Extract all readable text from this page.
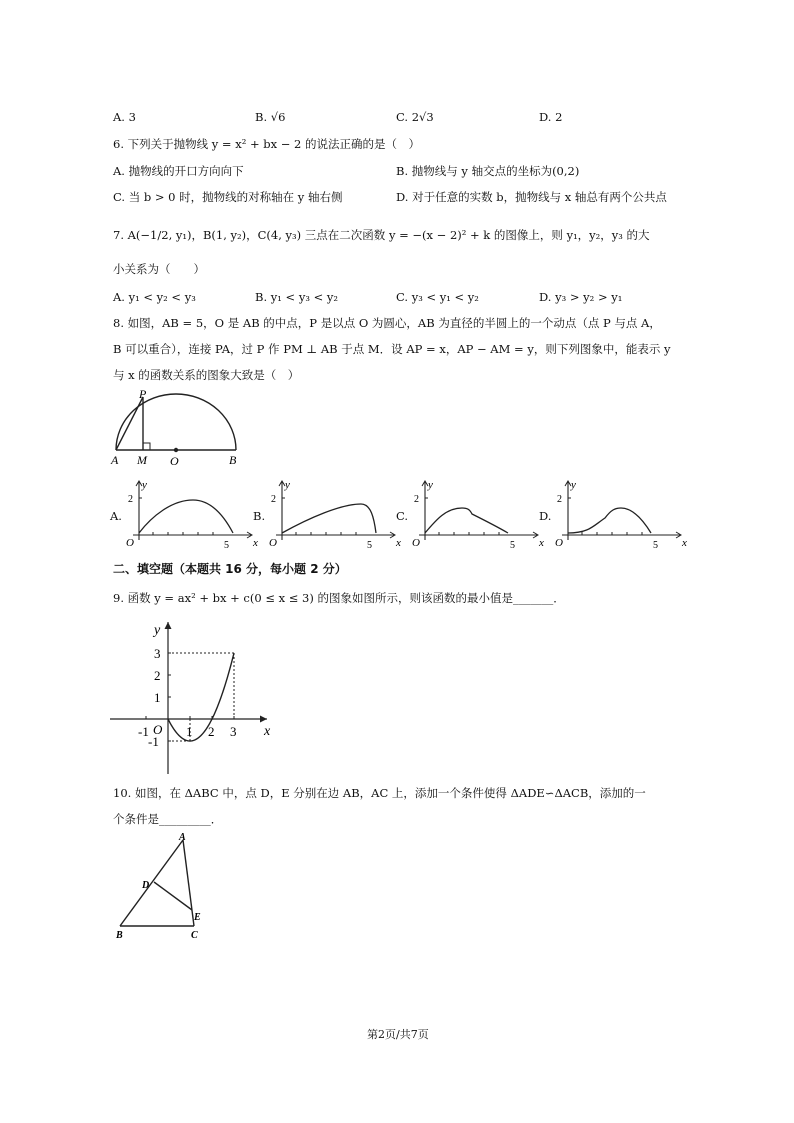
A. 3	B. √6	C. 2√3	D. 2
6. 下列关于抛物线 y = x² + bx − 2 的说法正确的是（　）
A. 抛物线的开口方向向下	B. 抛物线与 y 轴交点的坐标为(0,2)
C. 当 b > 0 时，抛物线的对称轴在 y 轴右侧	D. 对于任意的实数 b，抛物线与 x 轴总有两个公共点
7. A(−1/2, y₁)，B(1, y₂)，C(4, y₃) 三点在二次函数 y = −(x − 2)² + k 的图像上，则 y₁，y₂，y₃ 的大
小关系为（　　）
A. y₁ < y₂ < y₃	B. y₁ < y₃ < y₂	C. y₃ < y₁ < y₂	D. y₃ > y₂ > y₁
8. 如图，AB = 5，O 是 AB 的中点，P 是以点 O 为圆心，AB 为直径的半圆上的一个动点（点 P 与点 A，
B 可以重合），连接 PA，过 P 作 PM ⊥ AB 于点 M．设 AP = x，AP − AM = y，则下列图象中，能表示 y
与 x 的函数关系的图象大致是（　）
P
A M O	B
A.
y
x
O
2
5
B.
y
x
O
2
5
C.
y
x
O
2
5
D.
y
x
O
2
5
二、填空题（本题共 16 分，每小题 2 分）
9. 函数 y = ax² + bx + c(0 ≤ x ≤ 3) 的图象如图所示，则该函数的最小值是_______．
-1	1 2 3
3
2
1
-1
x
y
O
10. 如图，在 ΔABC 中，点 D，E 分别在边 AB，AC 上，添加一个条件使得 ΔADE∽ΔACB，添加的一
个条件是_________．
A
D
E
B	C
第2页/共7页
